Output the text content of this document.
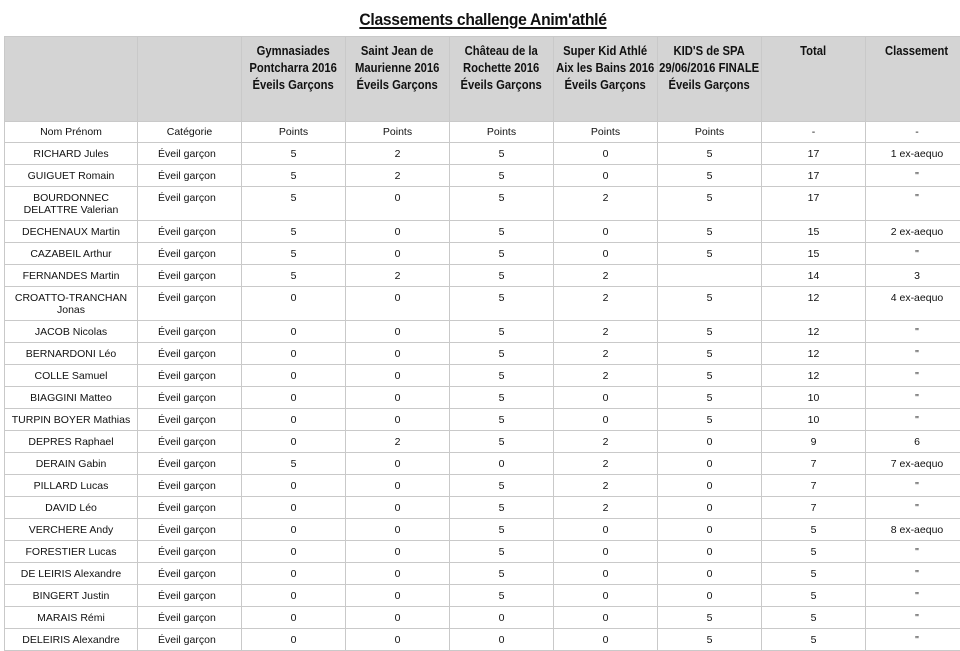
Classements challenge Anim'athlé
		Gymnasiades Pontcharra 2016 Éveils Garçons	Saint Jean de Maurienne 2016 Éveils Garçons	Château de la Rochette 2016 Éveils Garçons	Super Kid Athlé Aix les Bains 2016 Éveils Garçons	KID'S de SPA 29/06/2016 FINALE Éveils Garçons	Total	Classement
Nom Prénom	Catégorie	Points	Points	Points	Points	Points	-	-
RICHARD Jules	Éveil garçon	5	2	5	0	5	17	1 ex-aequo
GUIGUET Romain	Éveil garçon	5	2	5	0	5	17	"
BOURDONNEC DELATTRE Valerian	Éveil garçon	5	0	5	2	5	17	"
DECHENAUX Martin	Éveil garçon	5	0	5	0	5	15	2 ex-aequo
CAZABEIL Arthur	Éveil garçon	5	0	5	0	5	15	"
FERNANDES Martin	Éveil garçon	5	2	5	2		14	3
CROATTO-TRANCHAN Jonas	Éveil garçon	0	0	5	2	5	12	4 ex-aequo
JACOB Nicolas	Éveil garçon	0	0	5	2	5	12	"
BERNARDONI Léo	Éveil garçon	0	0	5	2	5	12	"
COLLE Samuel	Éveil garçon	0	0	5	2	5	12	"
BIAGGINI Matteo	Éveil garçon	0	0	5	0	5	10	"
TURPIN BOYER Mathias	Éveil garçon	0	0	5	0	5	10	"
DEPRES Raphael	Éveil garçon	0	2	5	2	0	9	6
DERAIN Gabin	Éveil garçon	5	0	0	2	0	7	7 ex-aequo
PILLARD Lucas	Éveil garçon	0	0	5	2	0	7	"
DAVID Léo	Éveil garçon	0	0	5	2	0	7	"
VERCHERE Andy	Éveil garçon	0	0	5	0	0	5	8 ex-aequo
FORESTIER Lucas	Éveil garçon	0	0	5	0	0	5	"
DE LEIRIS Alexandre	Éveil garçon	0	0	5	0	0	5	"
BINGERT Justin	Éveil garçon	0	0	5	0	0	5	"
MARAIS Rémi	Éveil garçon	0	0	0	0	5	5	"
DELEIRIS Alexandre	Éveil garçon	0	0	0	0	5	5	"
